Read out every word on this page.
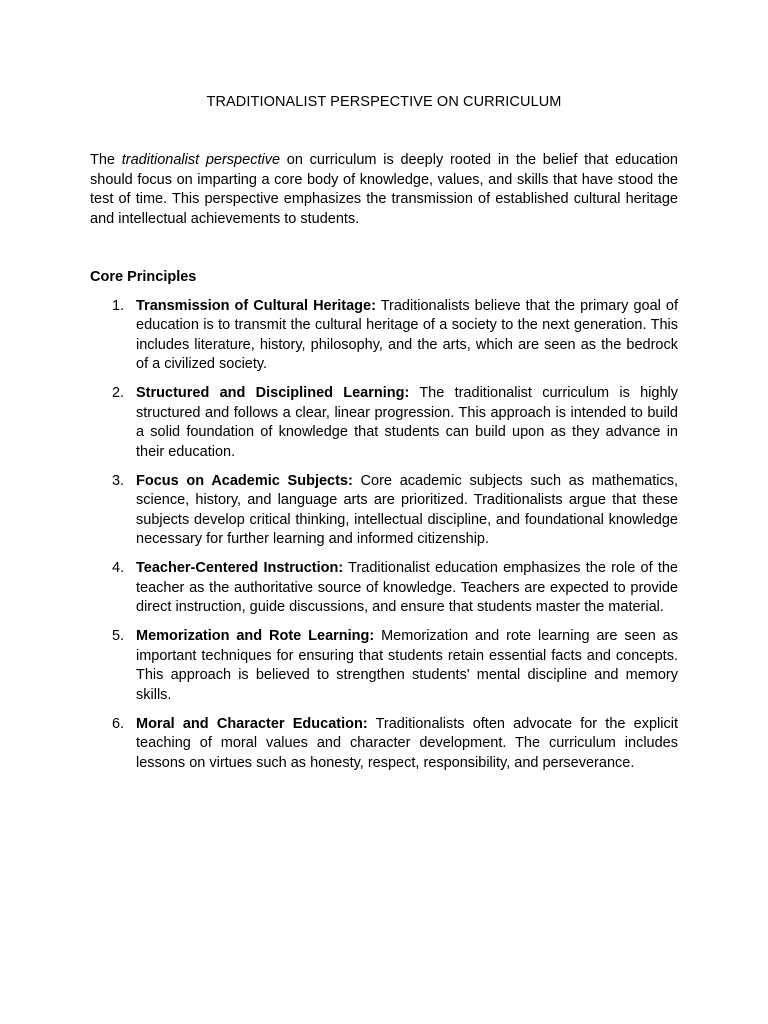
TRADITIONALIST PERSPECTIVE ON CURRICULUM

The traditionalist perspective on curriculum is deeply rooted in the belief that education should focus on imparting a core body of knowledge, values, and skills that have stood the test of time. This perspective emphasizes the transmission of established cultural heritage and intellectual achievements to students.

Core Principles
1. Transmission of Cultural Heritage: Traditionalists believe that the primary goal of education is to transmit the cultural heritage of a society to the next generation. This includes literature, history, philosophy, and the arts, which are seen as the bedrock of a civilized society.
2. Structured and Disciplined Learning: The traditionalist curriculum is highly structured and follows a clear, linear progression. This approach is intended to build a solid foundation of knowledge that students can build upon as they advance in their education.
3. Focus on Academic Subjects: Core academic subjects such as mathematics, science, history, and language arts are prioritized. Traditionalists argue that these subjects develop critical thinking, intellectual discipline, and foundational knowledge necessary for further learning and informed citizenship.
4. Teacher-Centered Instruction: Traditionalist education emphasizes the role of the teacher as the authoritative source of knowledge. Teachers are expected to provide direct instruction, guide discussions, and ensure that students master the material.
5. Memorization and Rote Learning: Memorization and rote learning are seen as important techniques for ensuring that students retain essential facts and concepts. This approach is believed to strengthen students' mental discipline and memory skills.
6. Moral and Character Education: Traditionalists often advocate for the explicit teaching of moral values and character development. The curriculum includes lessons on virtues such as honesty, respect, responsibility, and perseverance.
